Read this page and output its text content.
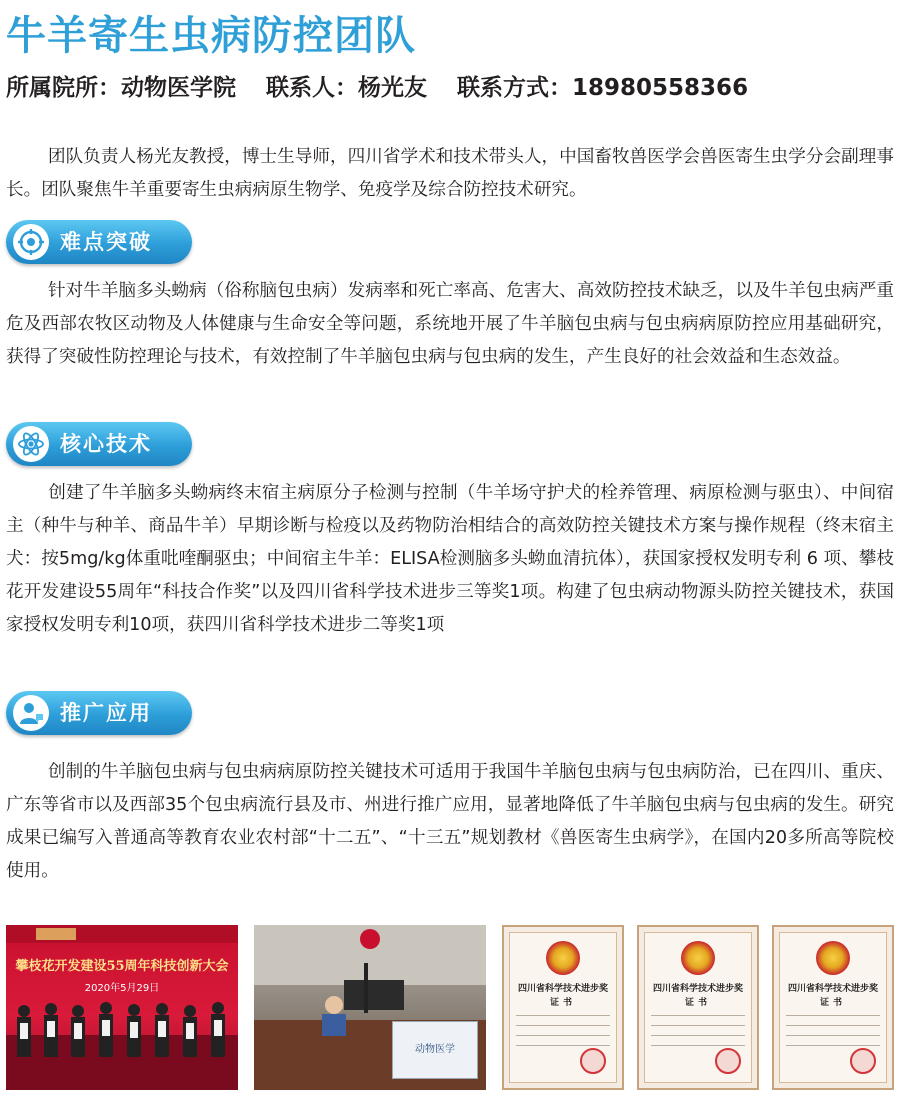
牛羊寄生虫病防控团队
所属院所：动物医学院 联系人：杨光友 联系方式：18980558366
团队负责人杨光友教授，博士生导师，四川省学术和技术带头人，中国畜牧兽医学会兽医寄生虫学分会副理事长。团队聚焦牛羊重要寄生虫病病原生物学、免疫学及综合防控技术研究。
难点突破
针对牛羊脑多头蚴病（俗称脑包虫病）发病率和死亡率高、危害大、高效防控技术缺乏，以及牛羊包虫病严重危及西部农牧区动物及人体健康与生命安全等问题，系统地开展了牛羊脑包虫病与包虫病病原防控应用基础研究，获得了突破性防控理论与技术，有效控制了牛羊脑包虫病与包虫病的发生，产生良好的社会效益和生态效益。
核心技术
创建了牛羊脑多头蚴病终末宿主病原分子检测与控制（牛羊场守护犬的栓养管理、病原检测与驱虫）、中间宿主（种牛与种羊、商品牛羊）早期诊断与检疫以及药物防治相结合的高效防控关键技术方案与操作规程（终末宿主犬：按5mg/kg体重吡喹酮驱虫；中间宿主牛羊：ELISA检测脑多头蚴血清抗体），获国家授权发明专利 6 项、攀枝花开发建设55周年“科技合作奖”以及四川省科学技术进步三等奖1项。构建了包虫病动物源头防控关键技术，获国家授权发明专利10项，获四川省科学技术进步二等奖1项
推广应用
创制的牛羊脑包虫病与包虫病病原防控关键技术可适用于我国牛羊脑包虫病与包虫病防治，已在四川、重庆、广东等省市以及西部35个包虫病流行县及市、州进行推广应用，显著地降低了牛羊脑包虫病与包虫病的发生。研究成果已编写入普通高等教育农业农村部“十二五”、“十三五”规划教材《兽医寄生虫病学》，在国内20多所高等院校使用。
攀枝花开发建设55周年科技创新大会
2020年5月29日
动物医学
四川省科学技术进步奖
证书
四川省科学技术进步奖
证书
四川省科学技术进步奖
证书
